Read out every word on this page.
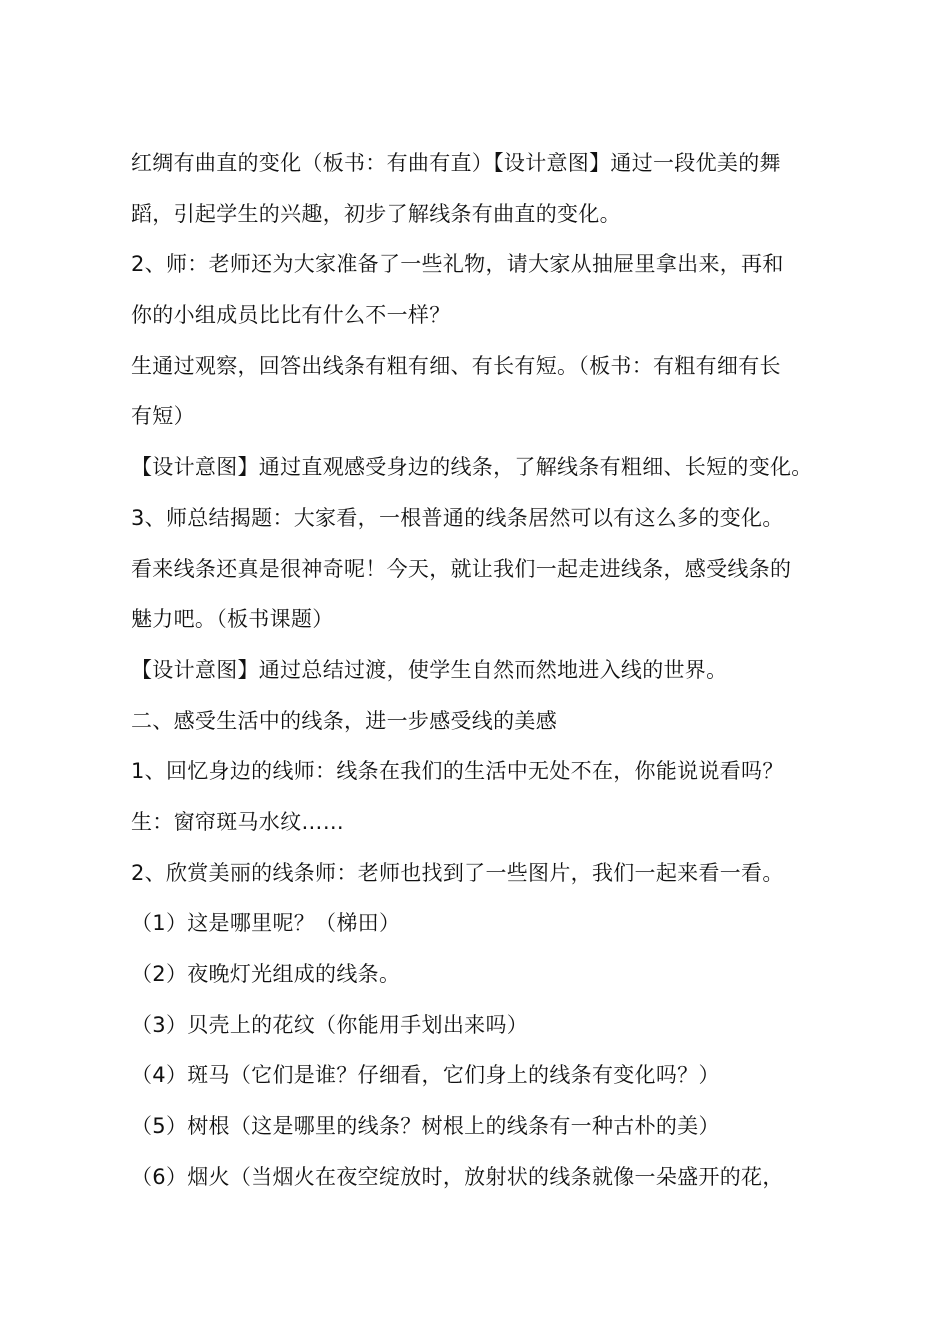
红绸有曲直的变化（板书：有曲有直）【设计意图】通过一段优美的舞
蹈，引起学生的兴趣，初步了解线条有曲直的变化。
2、师：老师还为大家准备了一些礼物，请大家从抽屉里拿出来，再和
你的小组成员比比有什么不一样？
生通过观察，回答出线条有粗有细、有长有短。（板书：有粗有细有长
有短）
【设计意图】通过直观感受身边的线条，了解线条有粗细、长短的变化。
3、师总结揭题：大家看，一根普通的线条居然可以有这么多的变化。
看来线条还真是很神奇呢！今天，就让我们一起走进线条，感受线条的
魅力吧。（板书课题）
【设计意图】通过总结过渡，使学生自然而然地进入线的世界。
二、感受生活中的线条，进一步感受线的美感
1、回忆身边的线师：线条在我们的生活中无处不在，你能说说看吗？
生：窗帘斑马水纹……
2、欣赏美丽的线条师：老师也找到了一些图片，我们一起来看一看。
（1）这是哪里呢？（梯田）
（2）夜晚灯光组成的线条。
（3）贝壳上的花纹（你能用手划出来吗）
（4）斑马（它们是谁？仔细看，它们身上的线条有变化吗？）
（5）树根（这是哪里的线条？树根上的线条有一种古朴的美）
（6）烟火（当烟火在夜空绽放时，放射状的线条就像一朵盛开的花，
